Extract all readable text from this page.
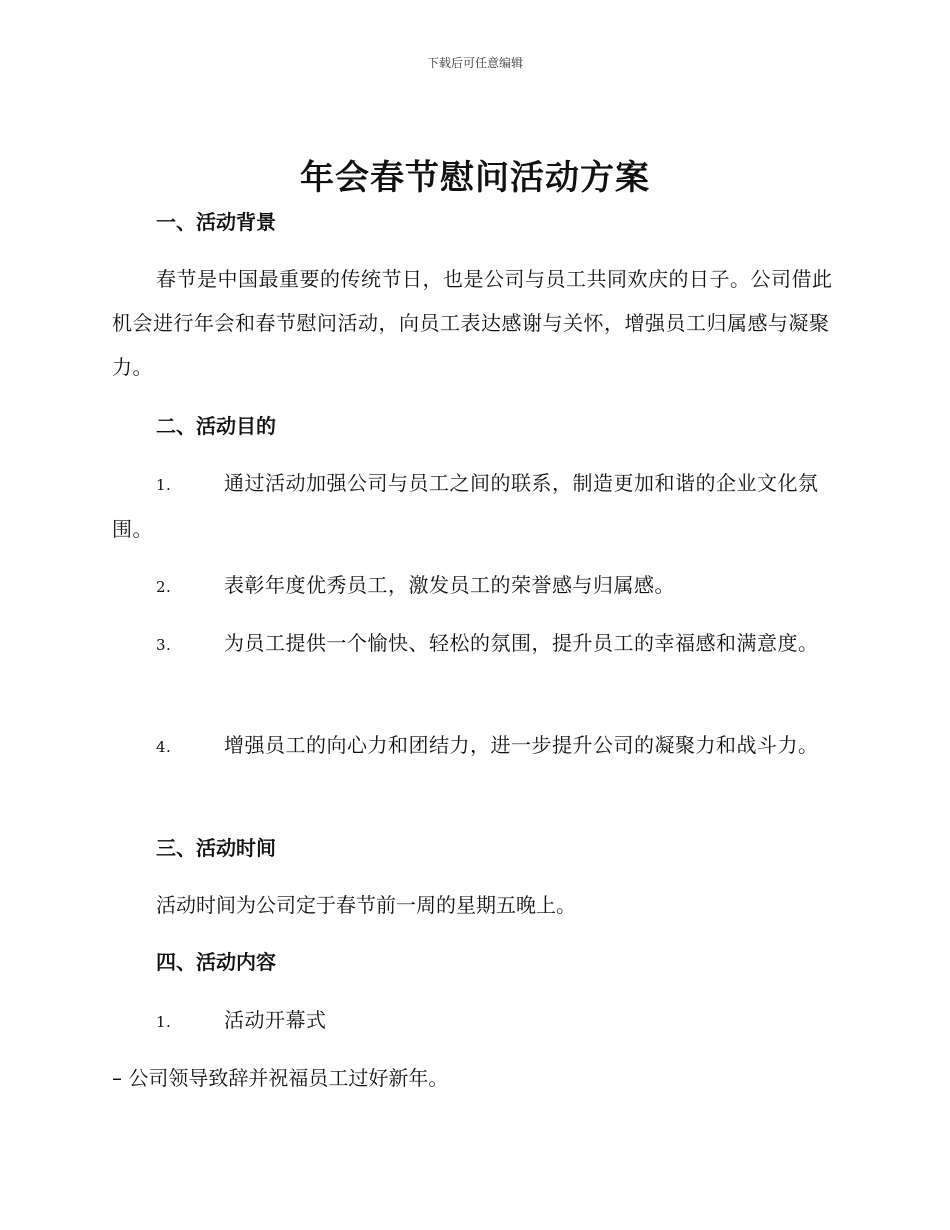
下载后可任意编辑
年会春节慰问活动方案
一、活动背景
春节是中国最重要的传统节日，也是公司与员工共同欢庆的日子。公司借此机会进行年会和春节慰问活动，向员工表达感谢与关怀，增强员工归属感与凝聚力。
二、活动目的
1.	通过活动加强公司与员工之间的联系，制造更加和谐的企业文化氛围。
2.	表彰年度优秀员工，激发员工的荣誉感与归属感。
3.	为员工提供一个愉快、轻松的氛围，提升员工的幸福感和满意度。
4.	增强员工的向心力和团结力，进一步提升公司的凝聚力和战斗力。
三、活动时间
活动时间为公司定于春节前一周的星期五晚上。
四、活动内容
1.	活动开幕式
– 公司领导致辞并祝福员工过好新年。
